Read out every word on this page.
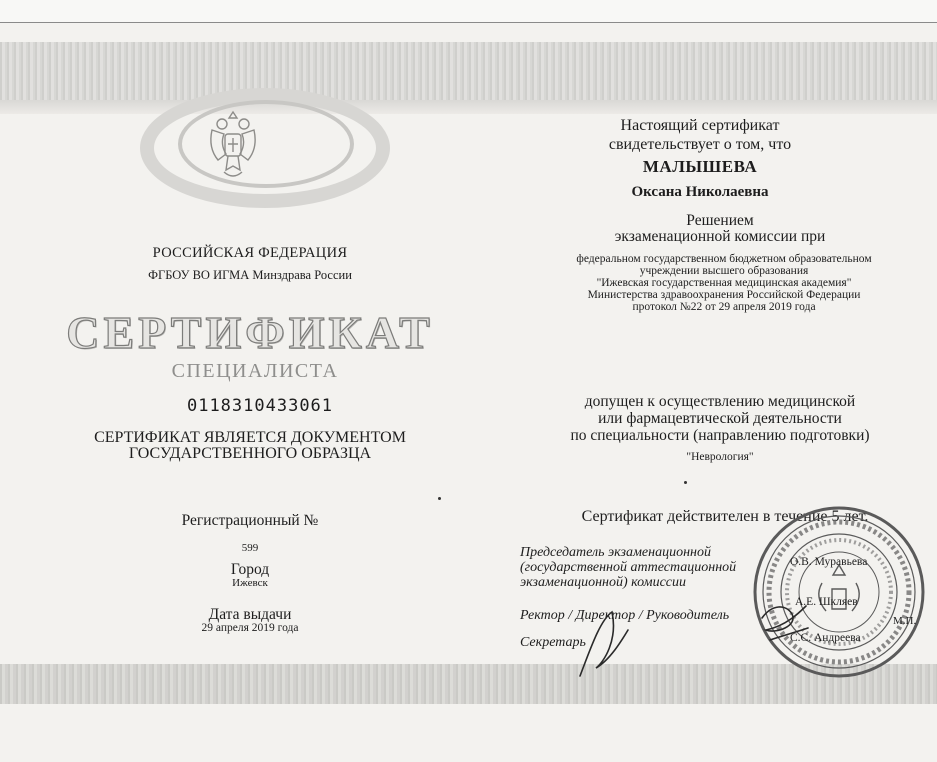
РОССИЙСКАЯ ФЕДЕРАЦИЯ
ФГБОУ ВО ИГМА Минздрава России
СЕРТИФИКАТ
СПЕЦИАЛИСТА
0118310433061
СЕРТИФИКАТ ЯВЛЯЕТСЯ ДОКУМЕНТОМ
ГОСУДАРСТВЕННОГО ОБРАЗЦА
Регистрационный №
599
Город
Ижевск
Дата выдачи
29 апреля 2019 года
Настоящий сертификат
свидетельствует о том, что
МАЛЫШЕВА
Оксана Николаевна
Решением
экзаменационной комиссии при
федеральном государственном бюджетном образовательном
учреждении высшего образования
"Ижевская государственная медицинская академия"
Министерства здравоохранения Российской Федерации
протокол №22 от 29 апреля 2019 года
допущен к осуществлению медицинской
или фармацевтической деятельности
по специальности (направлению подготовки)
"Неврология"
Сертификат действителен в течение 5 лет.
Председатель экзаменационной
(государственной аттестационной
экзаменационной) комиссии
Ректор / Директор / Руководитель
Секретарь
О.В. Муравьева
А.Е. Шкляев
С.С. Андреева
М.П.
